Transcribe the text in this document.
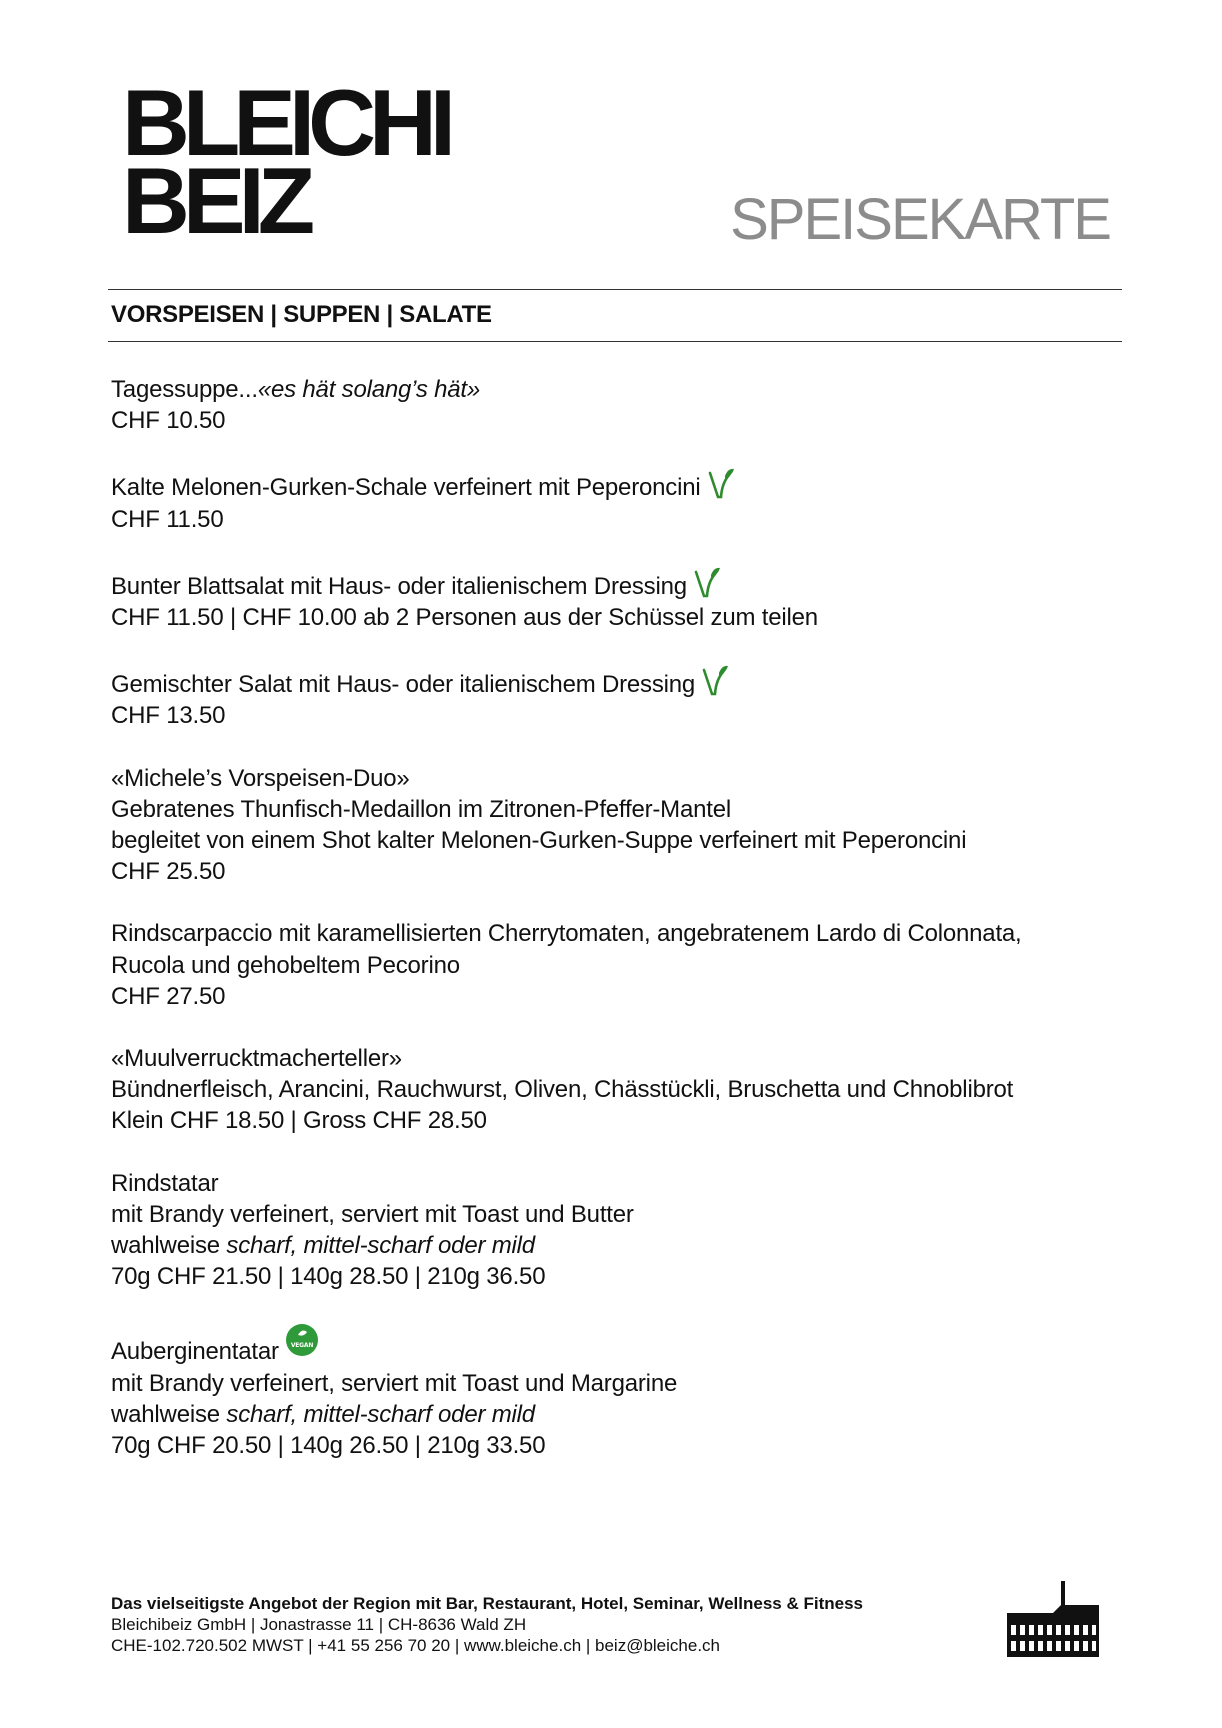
BLEICHI
BEIZ	SPEISEKARTE
VORSPEISEN | SUPPEN | SALATE
Tagessuppe...«es hät solang’s hät»
CHF 10.50
Kalte Melonen-Gurken-Schale verfeinert mit Peperoncini
CHF 11.50
Bunter Blattsalat mit Haus- oder italienischem Dressing
CHF 11.50 | CHF 10.00 ab 2 Personen aus der Schüssel zum teilen
Gemischter Salat mit Haus- oder italienischem Dressing
CHF 13.50
«Michele’s Vorspeisen-Duo»
Gebratenes Thunfisch-Medaillon im Zitronen-Pfeffer-Mantel
begleitet von einem Shot kalter Melonen-Gurken-Suppe verfeinert mit Peperoncini
CHF 25.50
Rindscarpaccio mit karamellisierten Cherrytomaten, angebratenem Lardo di Colonnata,
Rucola und gehobeltem Pecorino
CHF 27.50
«Muulverrucktmacherteller»
Bündnerfleisch, Arancini, Rauchwurst, Oliven, Chässtückli, Bruschetta und Chnoblibrot
Klein CHF 18.50 | Gross CHF 28.50
Rindstatar
mit Brandy verfeinert, serviert mit Toast und Butter
wahlweise scharf, mittel-scharf oder mild
70g CHF 21.50 | 140g 28.50 | 210g 36.50
Auberginentatar VEGAN
mit Brandy verfeinert, serviert mit Toast und Margarine
wahlweise scharf, mittel-scharf oder mild
70g CHF 20.50 | 140g 26.50 | 210g 33.50
Das vielseitigste Angebot der Region mit Bar, Restaurant, Hotel, Seminar, Wellness & Fitness
Bleichibeiz GmbH | Jonastrasse 11 | CH-8636 Wald ZH
CHE-102.720.502 MWST | +41 55 256 70 20 | www.bleiche.ch | beiz@bleiche.ch
